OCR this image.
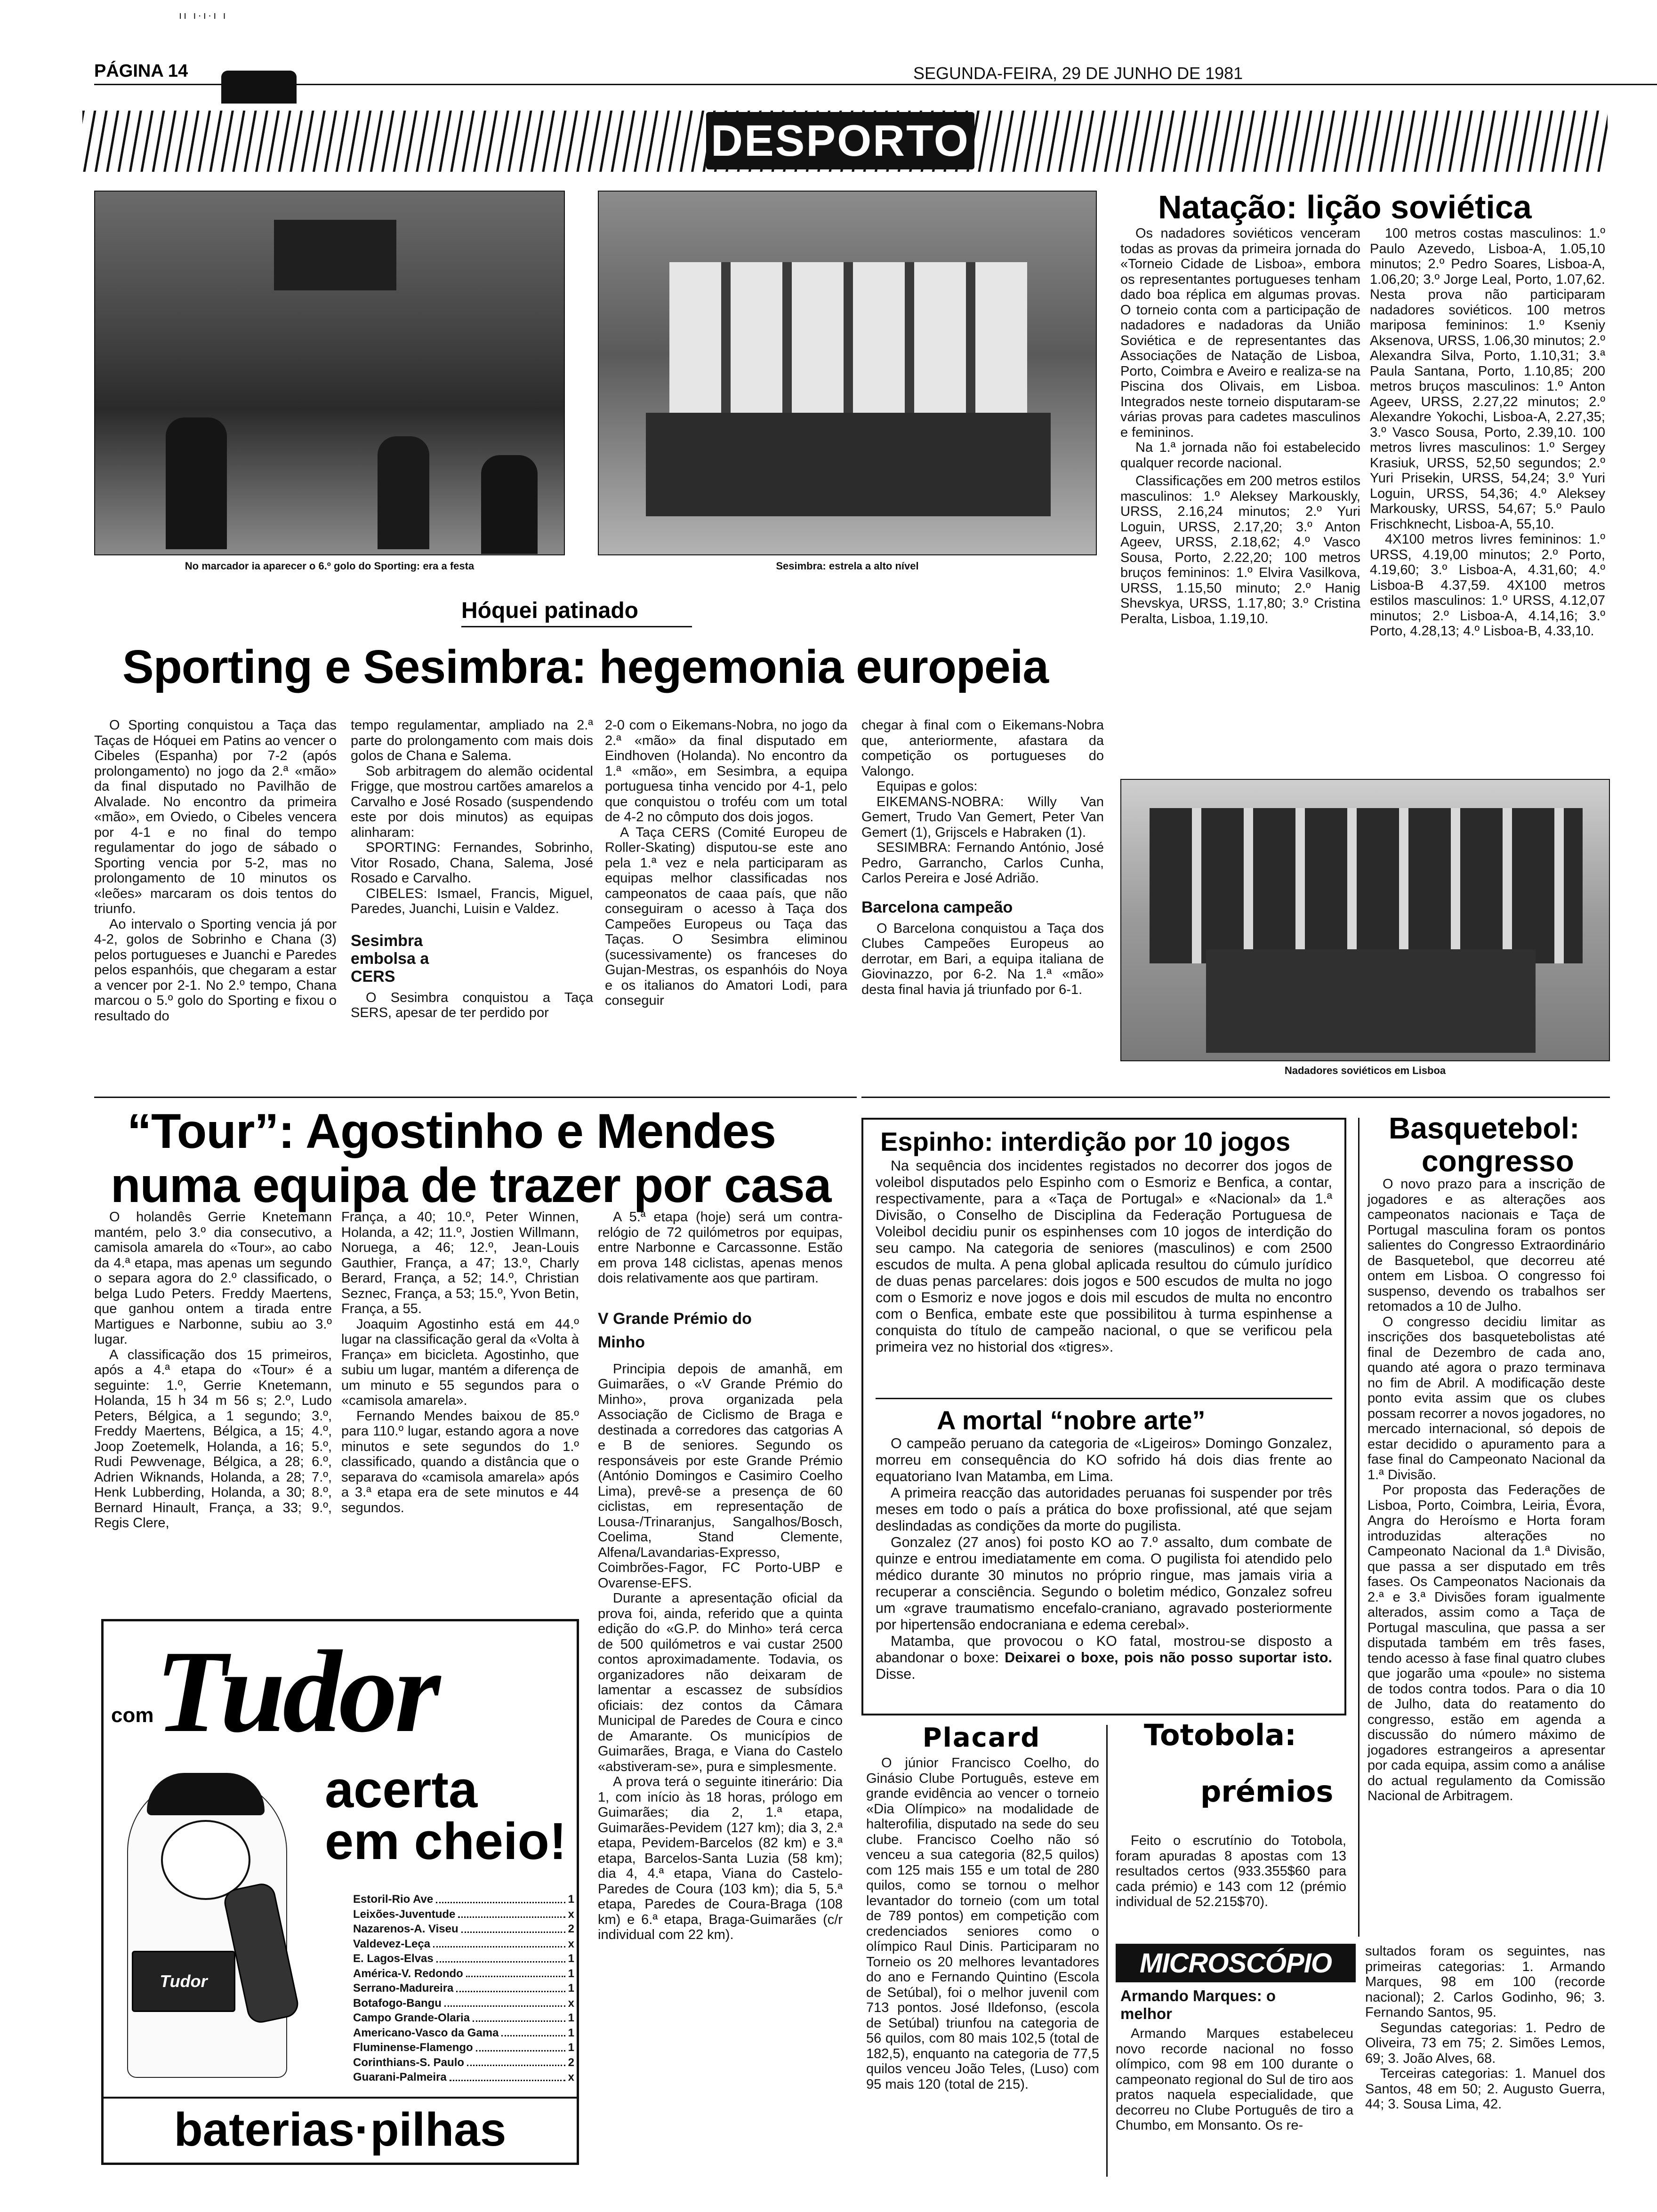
ıı ı·ı·ı ı
PÁGINA 14	SEGUNDA-FEIRA, 29 DE JUNHO DE 1981
DESPORTO
No marcador ia aparecer o 6.º golo do Sporting: era a festa	Sesimbra: estrela a alto nível
Natação: lição soviética

Os nadadores soviéticos venceram todas as provas da primeira jornada do «Torneio Cidade de Lisboa», embora os representantes portugueses tenham dado boa réplica em algumas provas. O torneio conta com a participação de nadadores e nadadoras da União Soviética e de representantes das Associações de Natação de Lisboa, Porto, Coimbra e Aveiro e realiza-se na Piscina dos Olivais, em Lisboa. Integrados neste torneio disputaram-se várias provas para cadetes masculinos e femininos.

Na 1.ª jornada não foi estabelecido qualquer recorde nacional.

Classificações em 200 metros estilos masculinos: 1.º Aleksey Markouskly, URSS, 2.16,24 minutos; 2.º Yuri Loguin, URSS, 2.17,20; 3.º Anton Ageev, URSS, 2.18,62; 4.º Vasco Sousa, Porto, 2.22,20; 100 metros bruços femininos: 1.º Elvira Vasilkova, URSS, 1.15,50 minuto; 2.º Hanig Shevskya, URSS, 1.17,80; 3.º Cristina Peralta, Lisboa, 1.19,10.

100 metros costas masculinos: 1.º Paulo Azevedo, Lisboa-A, 1.05,10 minutos; 2.º Pedro Soares, Lisboa-A, 1.06,20; 3.º Jorge Leal, Porto, 1.07,62. Nesta prova não participaram nadadores soviéticos. 100 metros mariposa femininos: 1.º Kseniy Aksenova, URSS, 1.06,30 minutos; 2.º Alexandra Silva, Porto, 1.10,31; 3.ª Paula Santana, Porto, 1.10,85; 200 metros bruços masculinos: 1.º Anton Ageev, URSS, 2.27,22 minutos; 2.º Alexandre Yokochi, Lisboa-A, 2.27,35; 3.º Vasco Sousa, Porto, 2.39,10. 100 metros livres masculinos: 1.º Sergey Krasiuk, URSS, 52,50 segundos; 2.º Yuri Prisekin, URSS, 54,24; 3.º Yuri Loguin, URSS, 54,36; 4.º Aleksey Markousky, URSS, 54,67; 5.º Paulo Frischknecht, Lisboa-A, 55,10.

4X100 metros livres femininos: 1.º URSS, 4.19,00 minutos; 2.º Porto, 4.19,60; 3.º Lisboa-A, 4.31,60; 4.º Lisboa-B 4.37,59. 4X100 metros estilos masculinos: 1.º URSS, 4.12,07 minutos; 2.º Lisboa-A, 4.14,16; 3.º Porto, 4.28,13; 4.º Lisboa-B, 4.33,10.

Nadadores soviéticos em Lisboa
Hóquei patinado
Sporting e Sesimbra: hegemonia europeia

O Sporting conquistou a Taça das Taças de Hóquei em Patins ao vencer o Cibeles (Espanha) por 7-2 (após prolongamento) no jogo da 2.ª «mão» da final disputado no Pavilhão de Alvalade. No encontro da primeira «mão», em Oviedo, o Cibeles vencera por 4-1 e no final do tempo regulamentar do jogo de sábado o Sporting vencia por 5-2, mas no prolongamento de 10 minutos os «leões» marcaram os dois tentos do triunfo.

Ao intervalo o Sporting vencia já por 4-2, golos de Sobrinho e Chana (3) pelos portugueses e Juanchi e Paredes pelos espanhóis, que chegaram a estar a vencer por 2-1. No 2.º tempo, Chana marcou o 5.º golo do Sporting e fixou o resultado do

tempo regulamentar, ampliado na 2.ª parte do prolongamento com mais dois golos de Chana e Salema.

Sob arbitragem do alemão ocidental Frigge, que mostrou cartões amarelos a Carvalho e José Rosado (suspendendo este por dois minutos) as equipas alinharam:

SPORTING: Fernandes, Sobrinho, Vitor Rosado, Chana, Salema, José Rosado e Carvalho.

CIBELES: Ismael, Francis, Miguel, Paredes, Juanchi, Luisin e Valdez.

Sesimbra embolsa a CERS

O Sesimbra conquistou a Taça SERS, apesar de ter perdido por

2-0 com o Eikemans-Nobra, no jogo da 2.ª «mão» da final disputado em Eindhoven (Holanda). No encontro da 1.ª «mão», em Sesimbra, a equipa portuguesa tinha vencido por 4-1, pelo que conquistou o troféu com um total de 4-2 no cômputo dos dois jogos.

A Taça CERS (Comité Europeu de Roller-Skating) disputou-se este ano pela 1.ª vez e nela participaram as equipas melhor classificadas nos campeonatos de caaa país, que não conseguiram o acesso à Taça dos Campeões Europeus ou Taça das Taças. O Sesimbra eliminou (sucessivamente) os franceses do Gujan-Mestras, os espanhóis do Noya e os italianos do Amatori Lodi, para conseguir

chegar à final com o Eikemans-Nobra que, anteriormente, afastara da competição os portugueses do Valongo.

Equipas e golos:

EIKEMANS-NOBRA: Willy Van Gemert, Trudo Van Gemert, Peter Van Gemert (1), Grijscels e Habraken (1).

SESIMBRA: Fernando António, José Pedro, Garrancho, Carlos Cunha, Carlos Pereira e José Adrião.

Barcelona campeão

O Barcelona conquistou a Taça dos Clubes Campeões Europeus ao derrotar, em Bari, a equipa italiana de Giovinazzo, por 6-2. Na 1.ª «mão» desta final havia já triunfado por 6-1.

“Tour”: Agostinho e Mendes
numa equipa de trazer por casa

O holandês Gerrie Knetemann mantém, pelo 3.º dia consecutivo, a camisola amarela do «Tour», ao cabo da 4.ª etapa, mas apenas um segundo o separa agora do 2.º classificado, o belga Ludo Peters. Freddy Maertens, que ganhou ontem a tirada entre Martigues e Narbonne, subiu ao 3.º lugar.

A classificação dos 15 primeiros, após a 4.ª etapa do «Tour» é a seguinte: 1.º, Gerrie Knetemann, Holanda, 15 h 34 m 56 s; 2.º, Ludo Peters, Bélgica, a 1 segundo; 3.º, Freddy Maertens, Bélgica, a 15; 4.º, Joop Zoetemelk, Holanda, a 16; 5.º, Rudi Pewvenage, Bélgica, a 28; 6.º, Adrien Wiknands, Holanda, a 28; 7.º, Henk Lubberding, Holanda, a 30; 8.º, Bernard Hinault, França, a 33; 9.º, Regis Clere,

França, a 40; 10.º, Peter Winnen, Holanda, a 42; 11.º, Jostien Willmann, Noruega, a 46; 12.º, Jean-Louis Gauthier, França, a 47; 13.º, Charly Berard, França, a 52; 14.º, Christian Seznec, França, a 53; 15.º, Yvon Betin, França, a 55.

Joaquim Agostinho está em 44.º lugar na classificação geral da «Volta à França» em bicicleta. Agostinho, que subiu um lugar, mantém a diferença de um minuto e 55 segundos para o «camisola amarela».

Fernando Mendes baixou de 85.º para 110.º lugar, estando agora a nove minutos e sete segundos do 1.º classificado, quando a distância que o separava do «camisola amarela» após a 3.ª etapa era de sete minutos e 44 segundos.

A 5.ª etapa (hoje) será um contra-relógio de 72 quilómetros por equipas, entre Narbonne e Carcassonne. Estão em prova 148 ciclistas, apenas menos dois relativamente aos que partiram.

V Grande Prémio do Minho

Principia depois de amanhã, em Guimarães, o «V Grande Prémio do Minho», prova organizada pela Associação de Ciclismo de Braga e destinada a corredores das catgorias A e B de seniores. Segundo os responsáveis por este Grande Prémio (António Domingos e Casimiro Coelho Lima), prevê-se a presença de 60 ciclistas, em representação de Lousa-/Trinaranjus, Sangalhos/Bosch, Coelima, Stand Clemente, Alfena/Lavandarias-Expresso, Coimbrões-Fagor, FC Porto-UBP e Ovarense-EFS.

Durante a apresentação oficial da prova foi, ainda, referido que a quinta edição do «G.P. do Minho» terá cerca de 500 quilómetros e vai custar 2500 contos aproximadamente. Todavia, os organizadores não deixaram de lamentar a escassez de subsídios oficiais: dez contos da Câmara Municipal de Paredes de Coura e cinco de Amarante. Os municípios de Guimarães, Braga, e Viana do Castelo «abstiveram-se», pura e simplesmente.

A prova terá o seguinte itinerário: Dia 1, com início às 18 horas, prólogo em Guimarães; dia 2, 1.ª etapa, Guimarães-Pevidem (127 km); dia 3, 2.ª etapa, Pevidem-Barcelos (82 km) e 3.ª etapa, Barcelos-Santa Luzia (58 km); dia 4, 4.ª etapa, Viana do Castelo-Paredes de Coura (103 km); dia 5, 5.ª etapa, Paredes de Coura-Braga (108 km) e 6.ª etapa, Braga-Guimarães (c/r individual com 22 km).

com Tudor
acerta
em cheio!
Tudor
Estoril-Rio Ave	1
Leixões-Juventude	x
Nazarenos-A. Viseu	2
Valdevez-Leça	x
E. Lagos-Elvas	1
América-V. Redondo	1
Serrano-Madureira	1
Botafogo-Bangu	x
Campo Grande-Olaria	1
Americano-Vasco da Gama	1
Fluminense-Flamengo	1
Corinthians-S. Paulo	2
Guarani-Palmeira	x
baterias·pilhas
Espinho: interdição por 10 jogos

Na sequência dos incidentes registados no decorrer dos jogos de voleibol disputados pelo Espinho com o Esmoriz e Benfica, a contar, respectivamente, para a «Taça de Portugal» e «Nacional» da 1.ª Divisão, o Conselho de Disciplina da Federação Portuguesa de Voleibol decidiu punir os espinhenses com 10 jogos de interdição do seu campo. Na categoria de seniores (masculinos) e com 2500 escudos de multa. A pena global aplicada resultou do cúmulo jurídico de duas penas parcelares: dois jogos e 500 escudos de multa no jogo com o Esmoriz e nove jogos e dois mil escudos de multa no encontro com o Benfica, embate este que possibilitou à turma espinhense a conquista do título de campeão nacional, o que se verificou pela primeira vez no historial dos «tigres».

A mortal “nobre arte”

O campeão peruano da categoria de «Ligeiros» Domingo Gonzalez, morreu em consequência do KO sofrido há dois dias frente ao equatoriano Ivan Matamba, em Lima.

A primeira reacção das autoridades peruanas foi suspender por três meses em todo o país a prática do boxe profissional, até que sejam deslindadas as condições da morte do pugilista.

Gonzalez (27 anos) foi posto KO ao 7.º assalto, dum combate de quinze e entrou imediatamente em coma. O pugilista foi atendido pelo médico durante 30 minutos no próprio ringue, mas jamais viria a recuperar a consciência. Segundo o boletim médico, Gonzalez sofreu um «grave traumatismo encefalo-craniano, agravado posteriormente por hipertensão endocraniana e edema cerebal».

Matamba, que provocou o KO fatal, mostrou-se disposto a abandonar o boxe: Deixarei o boxe, pois não posso suportar isto. Disse.

Placard

O júnior Francisco Coelho, do Ginásio Clube Português, esteve em grande evidência ao vencer o torneio «Dia Olímpico» na modalidade de halterofilia, disputado na sede do seu clube. Francisco Coelho não só venceu a sua categoria (82,5 quilos) com 125 mais 155 e um total de 280 quilos, como se tornou o melhor levantador do torneio (com um total de 789 pontos) em competição com credenciados seniores como o olímpico Raul Dinis. Participaram no Torneio os 20 melhores levantadores do ano e Fernando Quintino (Escola de Setúbal), foi o melhor juvenil com 713 pontos. José Ildefonso, (escola de Setúbal) triunfou na categoria de 56 quilos, com 80 mais 102,5 (total de 182,5), enquanto na categoria de 77,5 quilos venceu João Teles, (Luso) com 95 mais 120 (total de 215).

Totobola:
prémios

Feito o escrutínio do Totobola, foram apuradas 8 apostas com 13 resultados certos (933.355$60 para cada prémio) e 143 com 12 (prémio individual de 52.215$70).

MICROSCÓPIO
Armando Marques: o melhor

Armando Marques estabeleceu novo recorde nacional no fosso olímpico, com 98 em 100 durante o campeonato regional do Sul de tiro aos pratos naquela especialidade, que decorreu no Clube Português de tiro a Chumbo, em Monsanto. Os re-

sultados foram os seguintes, nas primeiras categorias: 1. Armando Marques, 98 em 100 (recorde nacional); 2. Carlos Godinho, 96; 3. Fernando Santos, 95.

Segundas categorias: 1. Pedro de Oliveira, 73 em 75; 2. Simões Lemos, 69; 3. João Alves, 68.

Terceiras categorias: 1. Manuel dos Santos, 48 em 50; 2. Augusto Guerra, 44; 3. Sousa Lima, 42.

Basquetebol:
congresso

O novo prazo para a inscrição de jogadores e as alterações aos campeonatos nacionais e Taça de Portugal masculina foram os pontos salientes do Congresso Extraordinário de Basquetebol, que decorreu até ontem em Lisboa. O congresso foi suspenso, devendo os trabalhos ser retomados a 10 de Julho.

O congresso decidiu limitar as inscrições dos basquetebolistas até final de Dezembro de cada ano, quando até agora o prazo terminava no fim de Abril. A modificação deste ponto evita assim que os clubes possam recorrer a novos jogadores, no mercado internacional, só depois de estar decidido o apuramento para a fase final do Campeonato Nacional da 1.ª Divisão.

Por proposta das Federações de Lisboa, Porto, Coimbra, Leiria, Évora, Angra do Heroísmo e Horta foram introduzidas alterações no Campeonato Nacional da 1.ª Divisão, que passa a ser disputado em três fases. Os Campeonatos Nacionais da 2.ª e 3.ª Divisões foram igualmente alterados, assim como a Taça de Portugal masculina, que passa a ser disputada também em três fases, tendo acesso à fase final quatro clubes que jogarão uma «poule» no sistema de todos contra todos. Para o dia 10 de Julho, data do reatamento do congresso, estão em agenda a discussão do número máximo de jogadores estrangeiros a apresentar por cada equipa, assim como a análise do actual regulamento da Comissão Nacional de Arbitragem.
